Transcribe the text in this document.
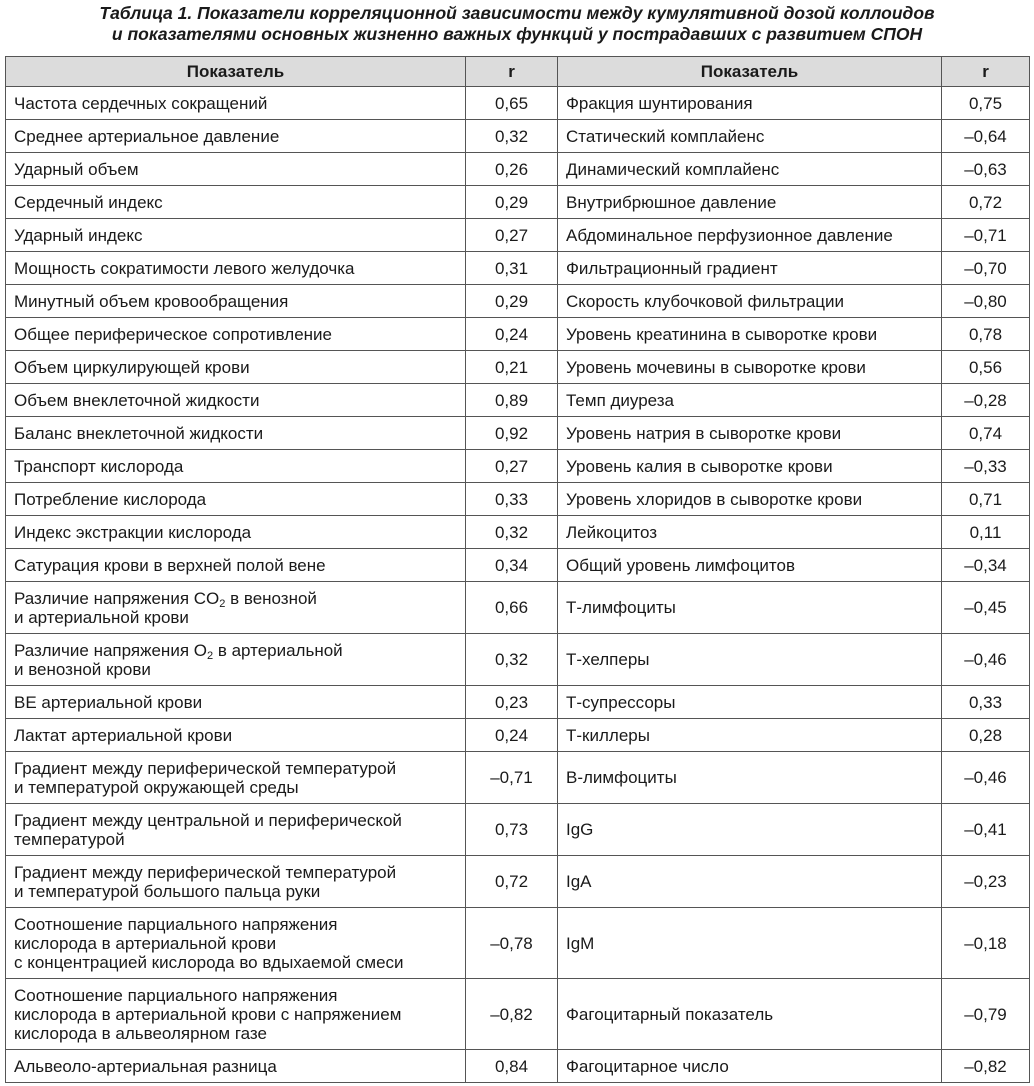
Таблица 1. Показатели корреляционной зависимости между кумулятивной дозой коллоидов
и показателями основных жизненно важных функций у пострадавших с развитием СПОН
Показатель	r	Показатель	r

Частота сердечных сокращений	0,65	Фракция шунтирования	0,75

Среднее артериальное давление	0,32	Статический комплайенс	–0,64

Ударный объем	0,26	Динамический комплайенс	–0,63

Сердечный индекс	0,29	Внутрибрюшное давление	0,72

Ударный индекс	0,27	Абдоминальное перфузионное давление	–0,71

Мощность сократимости левого желудочка	0,31	Фильтрационный градиент	–0,70

Минутный объем кровообращения	0,29	Скорость клубочковой фильтрации	–0,80

Общее периферическое сопротивление	0,24	Уровень креатинина в сыворотке крови	0,78

Объем циркулирующей крови	0,21	Уровень мочевины в сыворотке крови	0,56

Объем внеклеточной жидкости	0,89	Темп диуреза	–0,28

Баланс внеклеточной жидкости	0,92	Уровень натрия в сыворотке крови	0,74

Транспорт кислорода	0,27	Уровень калия в сыворотке крови	–0,33

Потребление кислорода	0,33	Уровень хлоридов в сыворотке крови	0,71

Индекс экстракции кислорода	0,32	Лейкоцитоз	0,11

Сатурация крови в верхней полой вене	0,34	Общий уровень лимфоцитов	–0,34

Различие напряжения $CO_2$ в венозной
и артериальной крови	0,66	Т-лимфоциты	–0,45

Различие напряжения $O_2$ в артериальной
и венозной крови	0,32	Т-хелперы	–0,46

ВЕ артериальной крови	0,23	Т-супрессоры	0,33

Лактат артериальной крови	0,24	Т-киллеры	0,28

Градиент между периферической температурой
и температурой окружающей среды	–0,71	В-лимфоциты	–0,46

Градиент между центральной и периферической
температурой	0,73	IgG	–0,41

Градиент между периферической температурой
и температурой большого пальца руки	0,72	IgA	–0,23

Соотношение парциального напряжения
кислорода в артериальной крови
с концентрацией кислорода во вдыхаемой смеси	–0,78	IgM	–0,18

Соотношение парциального напряжения
кислорода в артериальной крови с напряжением
кислорода в альвеолярном газе	–0,82	Фагоцитарный показатель	–0,79

Альвеоло-артериальная разница	0,84	Фагоцитарное число	–0,82
